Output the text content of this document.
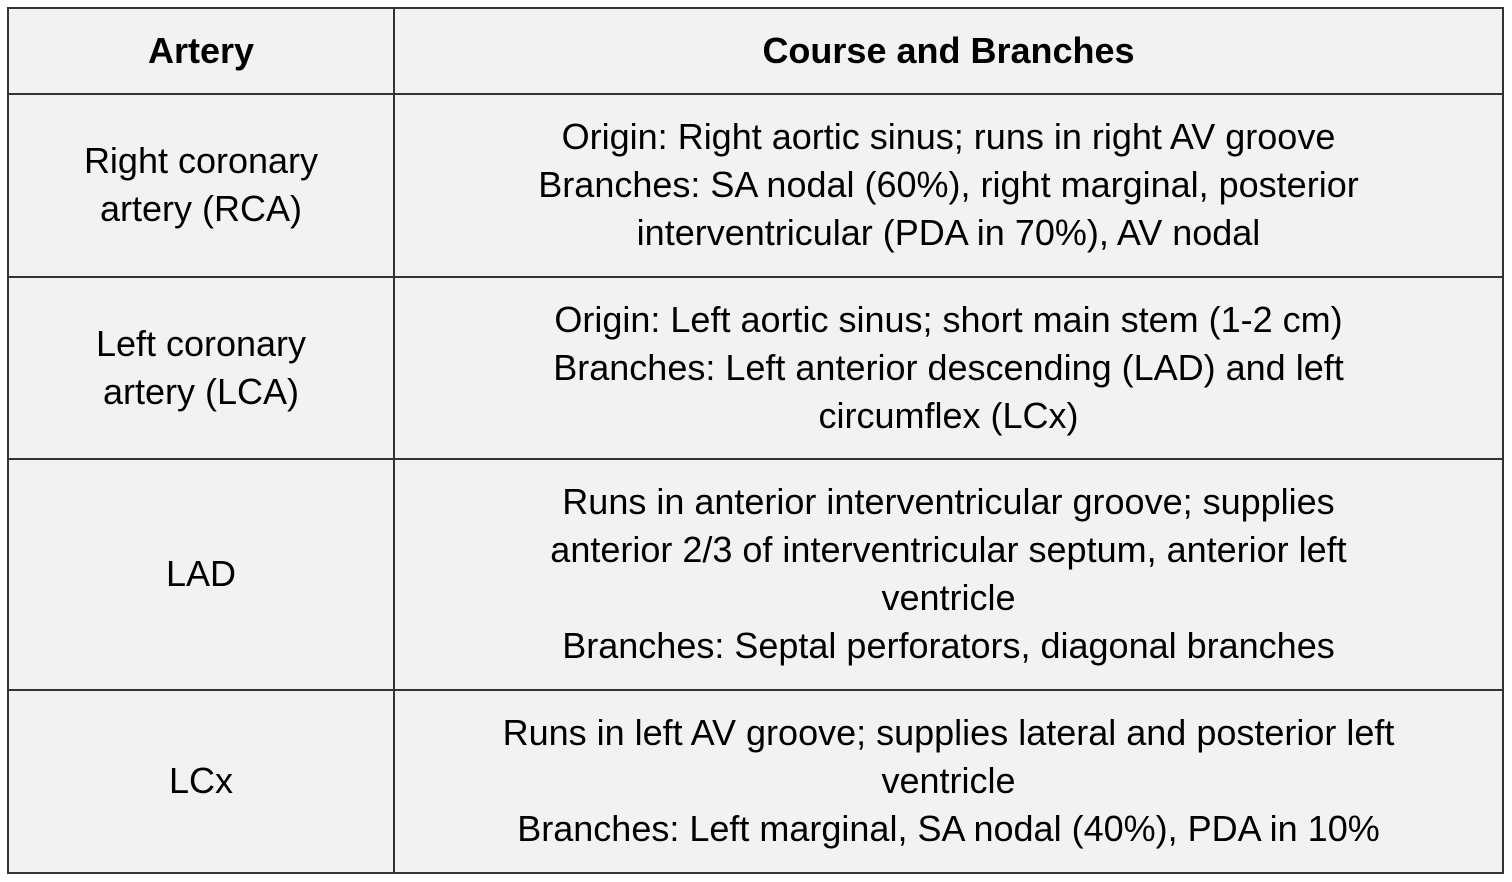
Artery	Course and Branches

Right coronary
artery (RCA)	Origin: Right aortic sinus; runs in right AV groove
Branches: SA nodal (60%), right marginal, posterior
interventricular (PDA in 70%), AV nodal

Left coronary
artery (LCA)	Origin: Left aortic sinus; short main stem (1-2 cm)
Branches: Left anterior descending (LAD) and left
circumflex (LCx)

LAD	Runs in anterior interventricular groove; supplies
anterior 2/3 of interventricular septum, anterior left
ventricle
Branches: Septal perforators, diagonal branches

LCx	Runs in left AV groove; supplies lateral and posterior left
ventricle
Branches: Left marginal, SA nodal (40%), PDA in 10%
